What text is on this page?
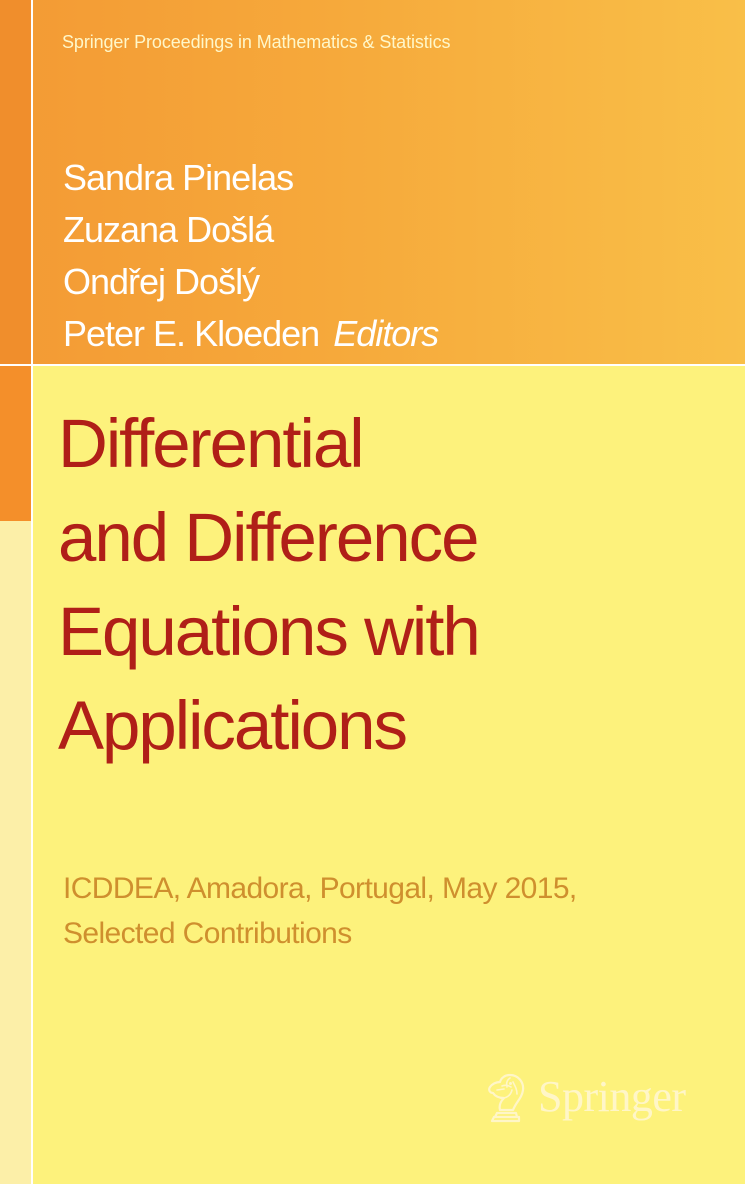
Springer Proceedings in Mathematics & Statistics
Sandra Pinelas
Zuzana Došlá
Ondřej Došlý
Peter E. Kloeden Editors
Differential
and Difference
Equations with
Applications
ICDDEA, Amadora, Portugal, May 2015,
Selected Contributions
Springer
